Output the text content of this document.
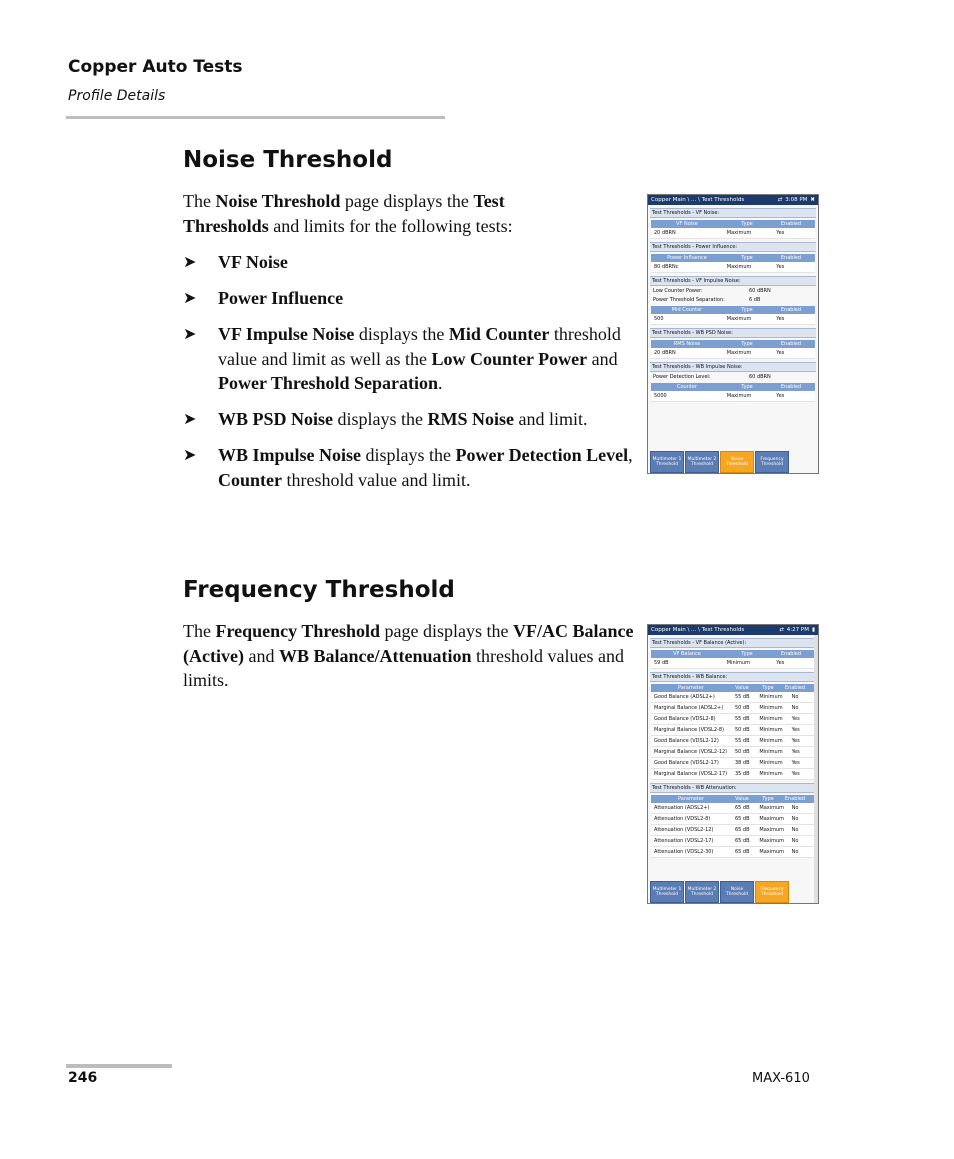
Copper Auto Tests
Profile Details
Noise Threshold

The Noise Threshold page displays the Test Thresholds and limits for the following tests:

➤ VF Noise
➤ Power Influence
➤ VF Impulse Noise displays the Mid Counter threshold value and limit as well as the Low Counter Power and Power Threshold Separation.
➤ WB PSD Noise displays the RMS Noise and limit.
➤ WB Impulse Noise displays the Power Detection Level, Counter threshold value and limit.
Frequency Threshold

The Frequency Threshold page displays the VF/AC Balance (Active) and WB Balance/Attenuation threshold values and limits.

Copper Main \ ... \ Test Thresholds	⇄ 3:08 PM ✖
Test Thresholds - VF Noise:
VF Noise	Type	Enabled
20 dBRN	Maximum	Yes
Test Thresholds - Power Influence:
Power Influence	Type	Enabled
80 dBRNc	Maximum	Yes
Test Thresholds - VF Impulse Noise:
Low Counter Power:	60 dBRN
Power Threshold Separation:	6 dB
Mid Counter	Type	Enabled
500	Maximum	Yes
Test Thresholds - WB PSD Noise:
RMS Noise	Type	Enabled
20 dBRN	Maximum	Yes
Test Thresholds - WB Impulse Noise:
Power Detection Level:	60 dBRN
Counter	Type	Enabled
5000	Maximum	Yes
Multimeter 1 Threshold
Multimeter 2 Threshold
Noise Threshold
Frequency Threshold
Copper Main \ ... \ Test Thresholds	⇄ 4:27 PM ▮
Test Thresholds - VF Balance (Active):
VF Balance	Type	Enabled
59 dB	Minimum	Yes
Test Thresholds - WB Balance:
Parameter	Value	Type	Enabled
Good Balance (ADSL2+)	55 dB	Minimum	No
Marginal Balance (ADSL2+)	50 dB	Minimum	No
Good Balance (VDSL2-8)	55 dB	Minimum	Yes
Marginal Balance (VDSL2-8)	50 dB	Minimum	Yes
Good Balance (VDSL2-12)	55 dB	Minimum	Yes
Marginal Balance (VDSL2-12)	50 dB	Minimum	Yes
Good Balance (VDSL2-17)	38 dB	Minimum	Yes
Marginal Balance (VDSL2-17)	35 dB	Minimum	Yes
Test Thresholds - WB Attenuation:
Parameter	Value	Type	Enabled
Attenuation (ADSL2+)	65 dB	Maximum	No
Attenuation (VDSL2-8)	65 dB	Maximum	No
Attenuation (VDSL2-12)	65 dB	Maximum	No
Attenuation (VDSL2-17)	65 dB	Maximum	No
Attenuation (VDSL2-30)	65 dB	Maximum	No
Multimeter 1 Threshold
Multimeter 2 Threshold
Noise Threshold
Frequency Threshold
246	MAX-610
